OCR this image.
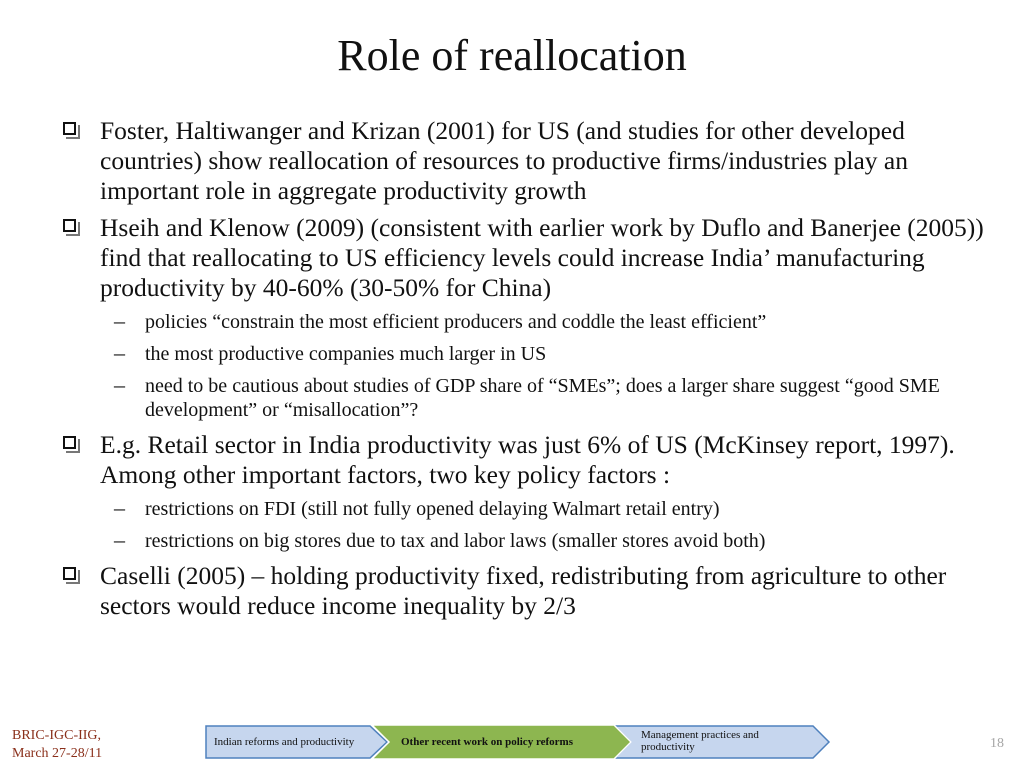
Role of reallocation
Foster, Haltiwanger and Krizan (2001) for US (and studies for other developed countries) show reallocation of resources to productive firms/industries play an important role in aggregate productivity growth
Hseih and Klenow (2009) (consistent with earlier work by Duflo and Banerjee (2005)) find that reallocating to US efficiency levels could increase India’ manufacturing productivity by 40-60% (30-50% for China)
– policies “constrain the most efficient producers and coddle the least efficient”
– the most productive companies much larger in US
– need to be cautious about studies of GDP share of “SMEs”; does a larger share suggest “good SME development” or “misallocation”?
E.g. Retail sector in India productivity was just 6% of US (McKinsey report, 1997). Among other important factors, two key policy factors :
– restrictions on FDI (still not fully opened delaying Walmart retail entry)
– restrictions on big stores due to tax and labor laws (smaller stores avoid both)
Caselli (2005) – holding productivity fixed, redistributing from agriculture to other sectors would reduce income inequality by 2/3
BRIC-IGC-IIG,
March 27-28/11
Indian reforms and productivity	Other recent work on policy reforms
Management practices and productivity	18
